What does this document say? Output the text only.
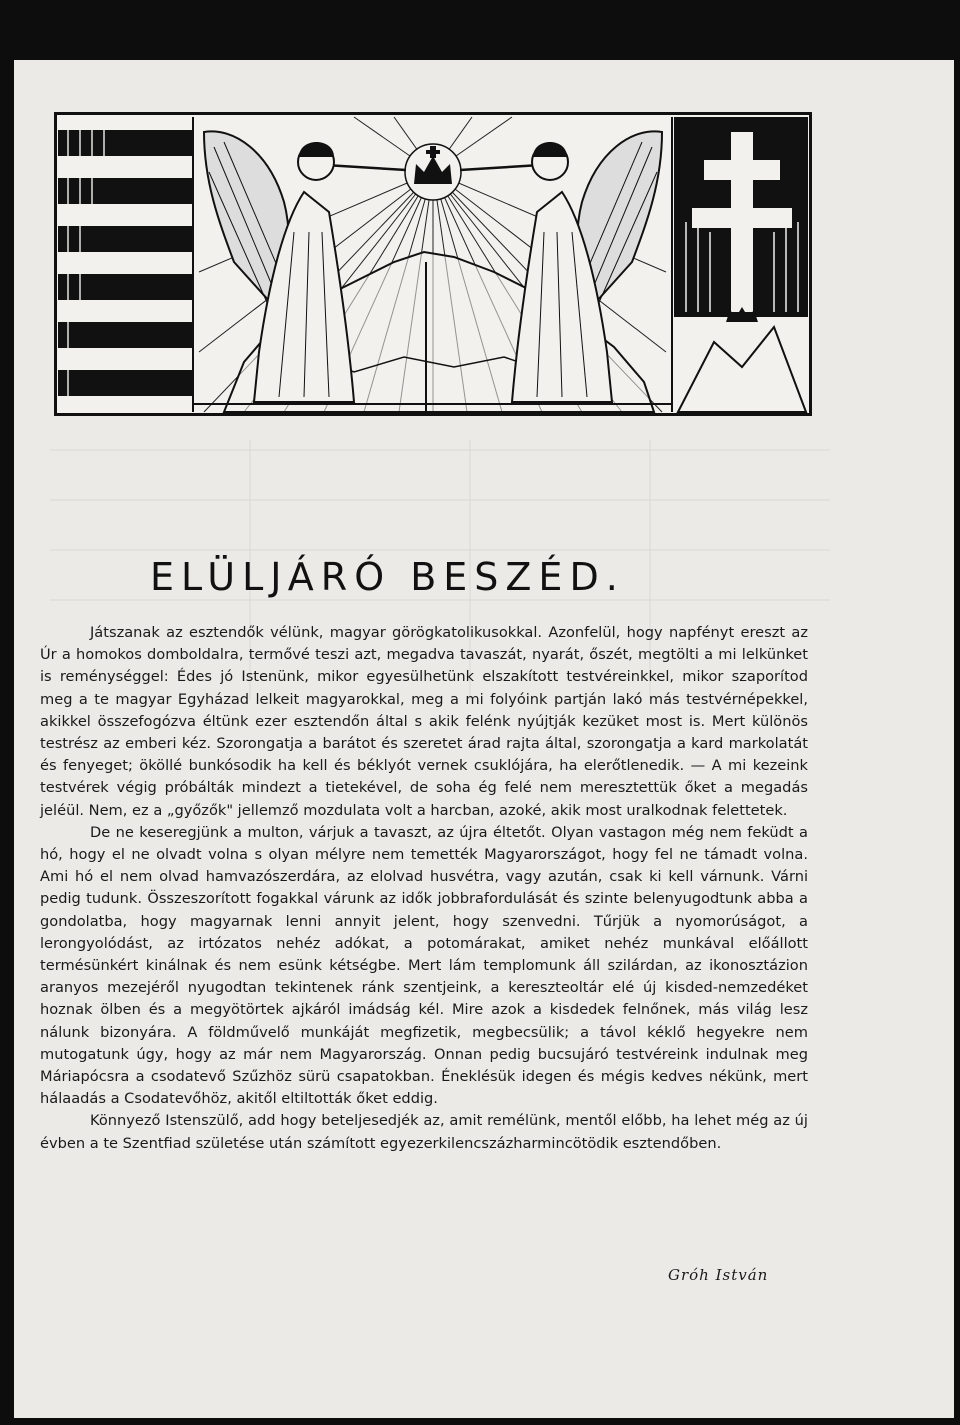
ELÜLJÁRÓ BESZÉD.

Játszanak az esztendők vélünk, magyar görögkatolikusokkal. Azonfelül, hogy napfényt ereszt az Úr a homokos domboldalra, termővé teszi azt, megadva tavaszát, nyarát, őszét, megtölti a mi lelkünket is reménységgel: Édes jó Istenünk, mikor egyesülhetünk elszakított testvéreinkkel, mikor szaporítod meg a te magyar Egyházad lelkeit magyarokkal, meg a mi folyóink partján lakó más testvérnépekkel, akikkel összefogózva éltünk ezer esztendőn által s akik felénk nyújtják kezüket most is. Mert különös testrész az emberi kéz. Szorongatja a barátot és szeretet árad rajta által, szorongatja a kard markolatát és fenyeget; ököllé bunkósodik ha kell és béklyót vernek csuklójára, ha elerőtlenedik. — A mi kezeink testvérek végig próbálták mindezt a tietekével, de soha ég felé nem meresztettük őket a megadás jeléül. Nem, ez a „győzők" jellemző mozdulata volt a harcban, azoké, akik most uralkodnak felettetek.

De ne keseregjünk a multon, várjuk a tavaszt, az újra éltetőt. Olyan vastagon még nem feküdt a hó, hogy el ne olvadt volna s olyan mélyre nem temették Magyarországot, hogy fel ne támadt volna. Ami hó el nem olvad hamvazószerdára, az elolvad husvétra, vagy azután, csak ki kell várnunk. Várni pedig tudunk. Összeszorított fogakkal várunk az idők jobbrafordulását és szinte belenyugodtunk abba a gondolatba, hogy magyarnak lenni annyit jelent, hogy szenvedni. Tűrjük a nyomorúságot, a lerongyolódást, az irtózatos nehéz adókat, a potomárakat, amiket nehéz munkával előállott termésünkért kinálnak és nem esünk kétségbe. Mert lám templomunk áll szilárdan, az ikonosztázion aranyos mezejéről nyugodtan tekintenek ránk szentjeink, a kereszteoltár elé új kisded-nemzedéket hoznak ölben és a megyötörtek ajkáról imádság kél. Mire azok a kisdedek felnőnek, más világ lesz nálunk bizonyára. A földművelő munkáját megfizetik, megbecsülik; a távol kéklő hegyekre nem mutogatunk úgy, hogy az már nem Magyarország. Onnan pedig bucsujáró testvéreink indulnak meg Máriapócsra a csodatevő Szűzhöz sürü csapatokban. Éneklésük idegen és mégis kedves nékünk, mert hálaadás a Csodatevőhöz, akitől eltiltották őket eddig.

Könnyező Istenszülő, add hogy beteljesedjék az, amit remélünk, mentől előbb, ha lehet még az új évben a te Szentfiad születése után számított egyezerkilencszázharmincötödik esztendőben.

Gróh István
